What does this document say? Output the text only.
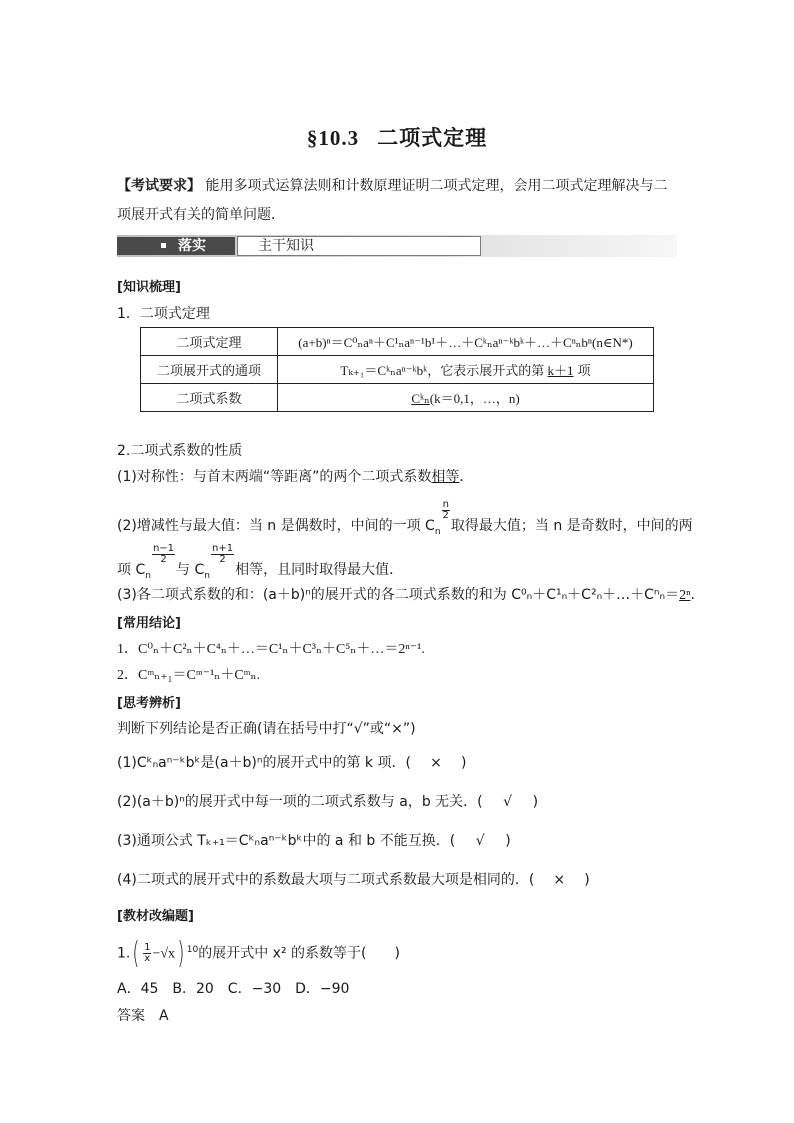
§10.3 二项式定理
【考试要求】 能用多项式运算法则和计数原理证明二项式定理，会用二项式定理解决与二项展开式有关的简单问题．
落实	主干知识
[知识梳理]
1．二项式定理
二项式定理	(a+b)ⁿ＝C⁰ₙaⁿ＋C¹ₙaⁿ⁻¹b¹＋…＋Cᵏₙaⁿ⁻ᵏbᵏ＋…＋Cⁿₙbⁿ(n∈N*)
二项展开式的通项	Tₖ₊₁＝Cᵏₙaⁿ⁻ᵏbᵏ，它表示展开式的第 k＋1 项
二项式系数	Cᵏₙ(k＝0,1，…，n)
2.二项式系数的性质
(1)对称性：与首末两端“等距离”的两个二项式系数相等．
(2)增减性与最大值：当 n 是偶数时，中间的一项 $C_n$
$\frac{n}{2}$
取得最大值；当 n 是奇数时，中间的两
项 $C_n$
$\frac{n-1}{2}$
与 $C_n$
$\frac{n+1}{2}$
相等，且同时取得最大值．
(3)各二项式系数的和：(a＋b)ⁿ的展开式的各二项式系数的和为 C⁰ₙ＋C¹ₙ＋C²ₙ＋…＋Cⁿₙ＝2ⁿ.
[常用结论]
1．C⁰ₙ＋C²ₙ＋C⁴ₙ＋…＝C¹ₙ＋C³ₙ＋C⁵ₙ＋…＝2ⁿ⁻¹.
2．Cᵐₙ₊₁＝Cᵐ⁻¹ₙ＋Cᵐₙ.
[思考辨析]
判断下列结论是否正确(请在括号中打“√”或“×”)
(1)Cᵏₙaⁿ⁻ᵏbᵏ是(a＋b)ⁿ的展开式中的第 k 项．( × )
(2)(a＋b)ⁿ的展开式中每一项的二项式系数与 a，b 无关．( √ )
(3)通项公式 Tₖ₊₁＝Cᵏₙaⁿ⁻ᵏbᵏ中的 a 和 b 不能互换．( √ )
(4)二项式的展开式中的系数最大项与二项式系数最大项是相同的．( × )
[教材改编题]
$1.( \frac{1}{x} -√x)$ $^{10}$的展开式中 x² 的系数等于(　　)
A．45　B．20　C．−30　D．−90
答案　A
